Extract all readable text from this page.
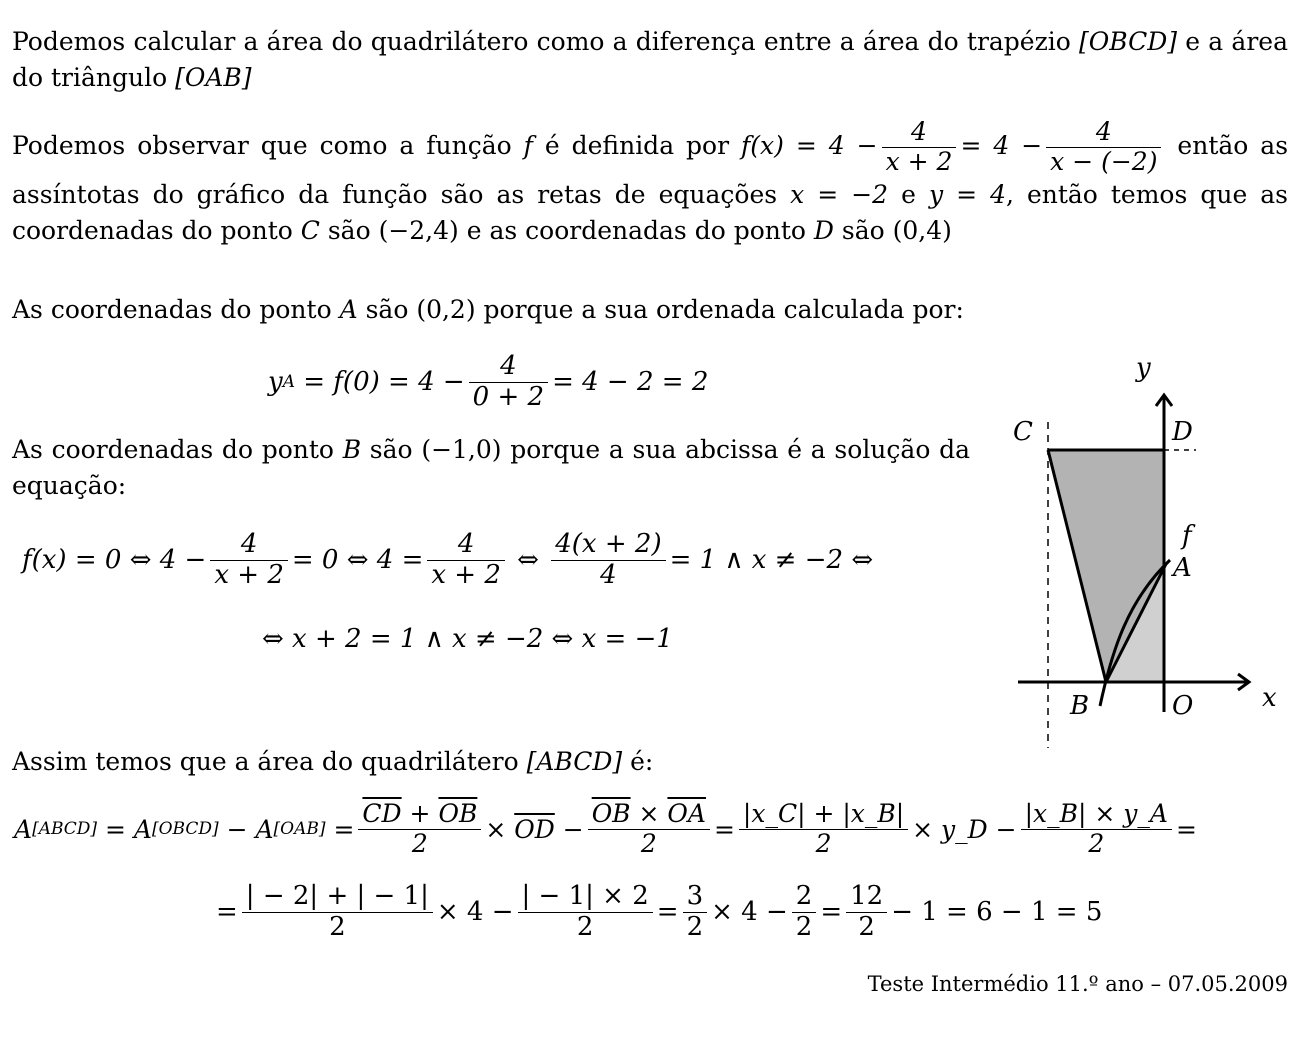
Podemos calcular a área do quadrilátero como a diferença entre a área do trapézio [OBCD] e a área do triângulo [OAB]
Podemos observar que como a função f é definida por $f(x) = 4 - \frac{4}{x + 2} = 4 - \frac{4}{x - (-2)}$ então as assíntotas do gráfico da função são as retas de equações x = −2 e y = 4, então temos que as coordenadas do ponto C são (−2,4) e as coordenadas do ponto D são (0,4)
As coordenadas do ponto A são (0,2) porque a sua ordenada calculada por:
y A
= $f(0) = 4 - \frac{4}{0 + 2} = 4 - 2 = 2$
As coordenadas do ponto B são (−1,0) porque a sua abcissa é a solução da equação:
f(x) = 0 ⇔ $4 - \frac{4}{x + 2} = 0$ ⇔ $4 = \frac{4}{x + 2}$
⇔
$\frac{4(x + 2)}{4} = 1$ ∧ x ≠ −2 ⇔
⇔ x + 2 = 1 ∧ x ≠ −2 ⇔ x = −1
Assim temos que a área do quadrilátero [ABCD] é:
A [ABCD]
= A [OBCD]
− A [OAB]
= $\frac{\overline{CD} + \overline{OB}}{2}$ ×
$\overline{OD}$
− $\frac{\overline{OB} \times \overline{OA}}{2} = \frac{|x\_C| + |x\_B|}{2}$ × y_D − $\frac{|x\_B| \times y\_A}{2}$ =
= $\frac{| - 2| + | - 1|}{2} \times 4 - \frac{| - 1| \times 2}{2} = \frac{3}{2} \times 4 - \frac{2}{2} = \frac{12}{2} - 1 = 6 - 1 = 5$
Teste Intermédio 11.º ano – 07.05.2009
y
x
C	D
f
A
B	O
